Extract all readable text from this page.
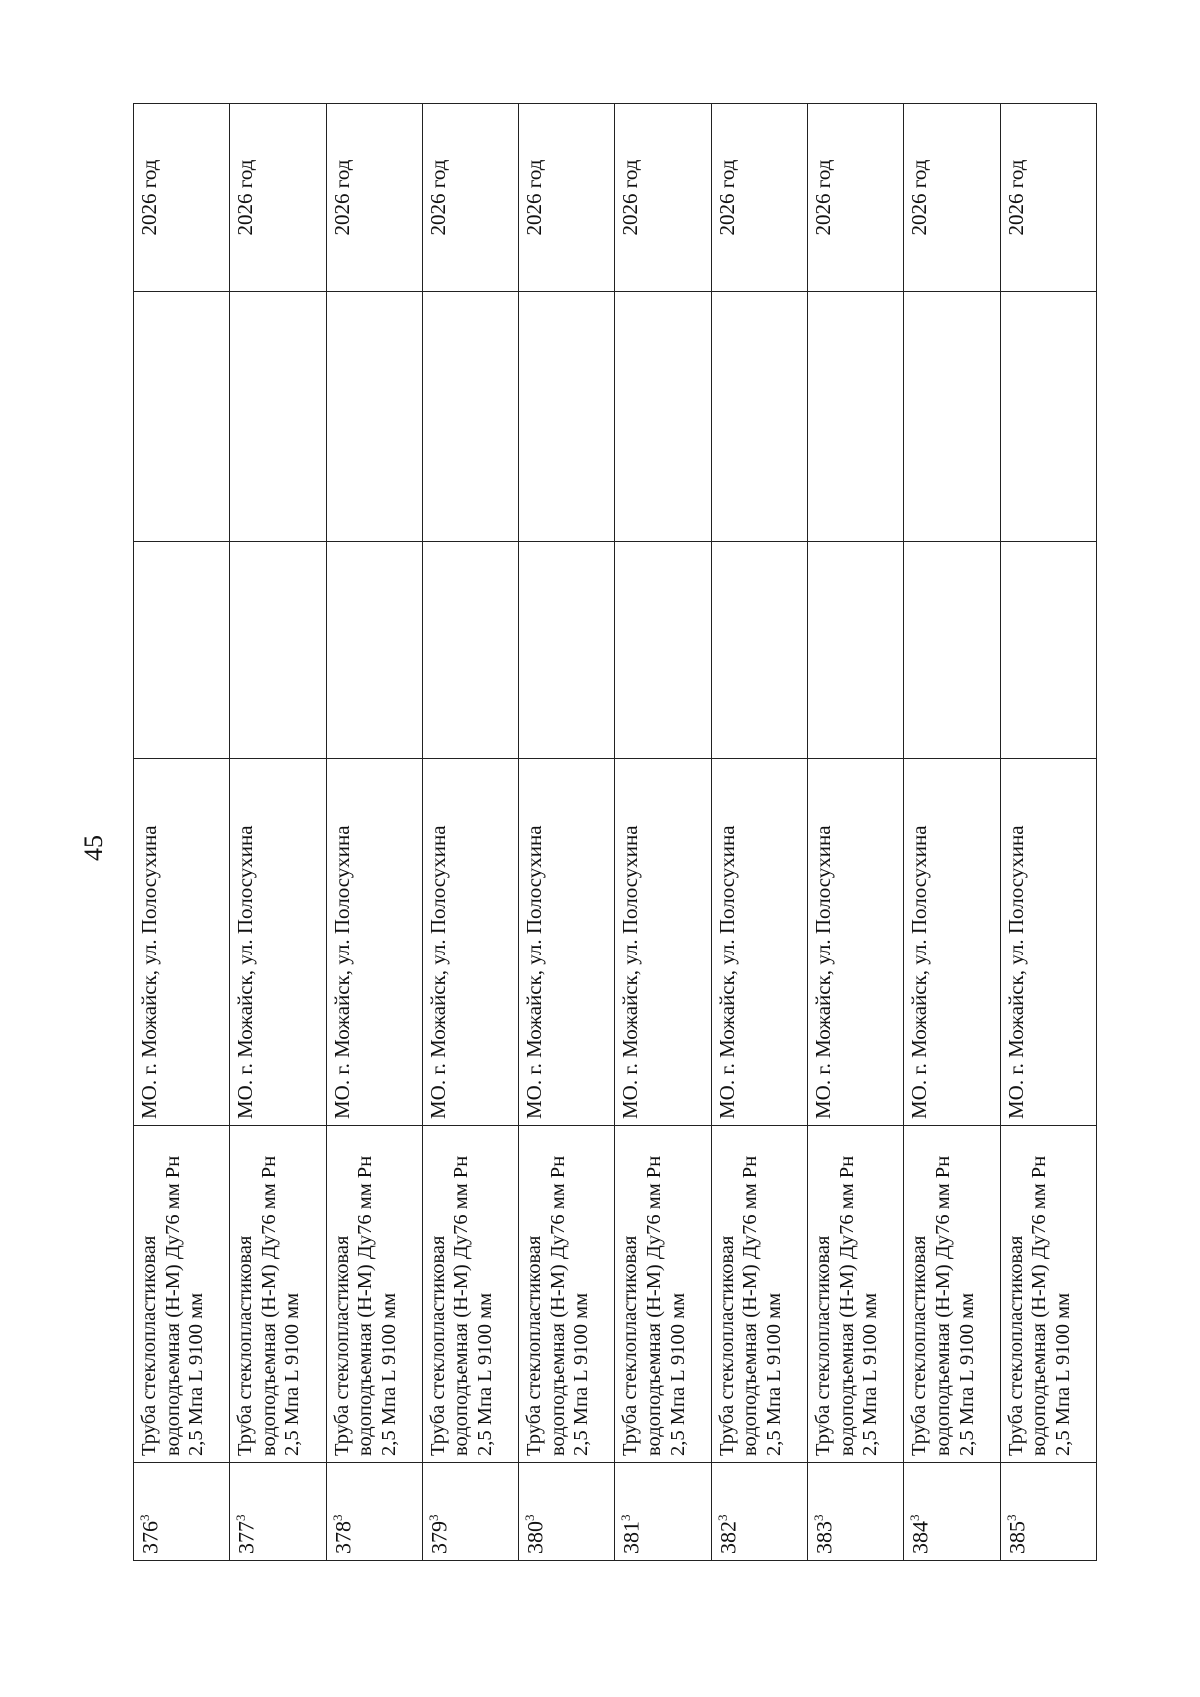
45
$376^3$	Труба стеклопластиковая водоподъемная (Н-М) Ду76 мм Рн 2,5 Мпа L 9100 мм	МО. г. Можайск, ул. Полосухина			2026 год
$377^3$	Труба стеклопластиковая водоподъемная (Н-М) Ду76 мм Рн 2,5 Мпа L 9100 мм	МО. г. Можайск, ул. Полосухина			2026 год
$378^3$	Труба стеклопластиковая водоподъемная (Н-М) Ду76 мм Рн 2,5 Мпа L 9100 мм	МО. г. Можайск, ул. Полосухина			2026 год
$379^3$	Труба стеклопластиковая водоподъемная (Н-М) Ду76 мм Рн 2,5 Мпа L 9100 мм	МО. г. Можайск, ул. Полосухина			2026 год
$380^3$	Труба стеклопластиковая водоподъемная (Н-М) Ду76 мм Рн 2,5 Мпа L 9100 мм	МО. г. Можайск, ул. Полосухина			2026 год
$381^3$	Труба стеклопластиковая водоподъемная (Н-М) Ду76 мм Рн 2,5 Мпа L 9100 мм	МО. г. Можайск, ул. Полосухина			2026 год
$382^3$	Труба стеклопластиковая водоподъемная (Н-М) Ду76 мм Рн 2,5 Мпа L 9100 мм	МО. г. Можайск, ул. Полосухина			2026 год
$383^3$	Труба стеклопластиковая водоподъемная (Н-М) Ду76 мм Рн 2,5 Мпа L 9100 мм	МО. г. Можайск, ул. Полосухина			2026 год
$384^3$	Труба стеклопластиковая водоподъемная (Н-М) Ду76 мм Рн 2,5 Мпа L 9100 мм	МО. г. Можайск, ул. Полосухина			2026 год
$385^3$	Труба стеклопластиковая водоподъемная (Н-М) Ду76 мм Рн 2,5 Мпа L 9100 мм	МО. г. Можайск, ул. Полосухина			2026 год
